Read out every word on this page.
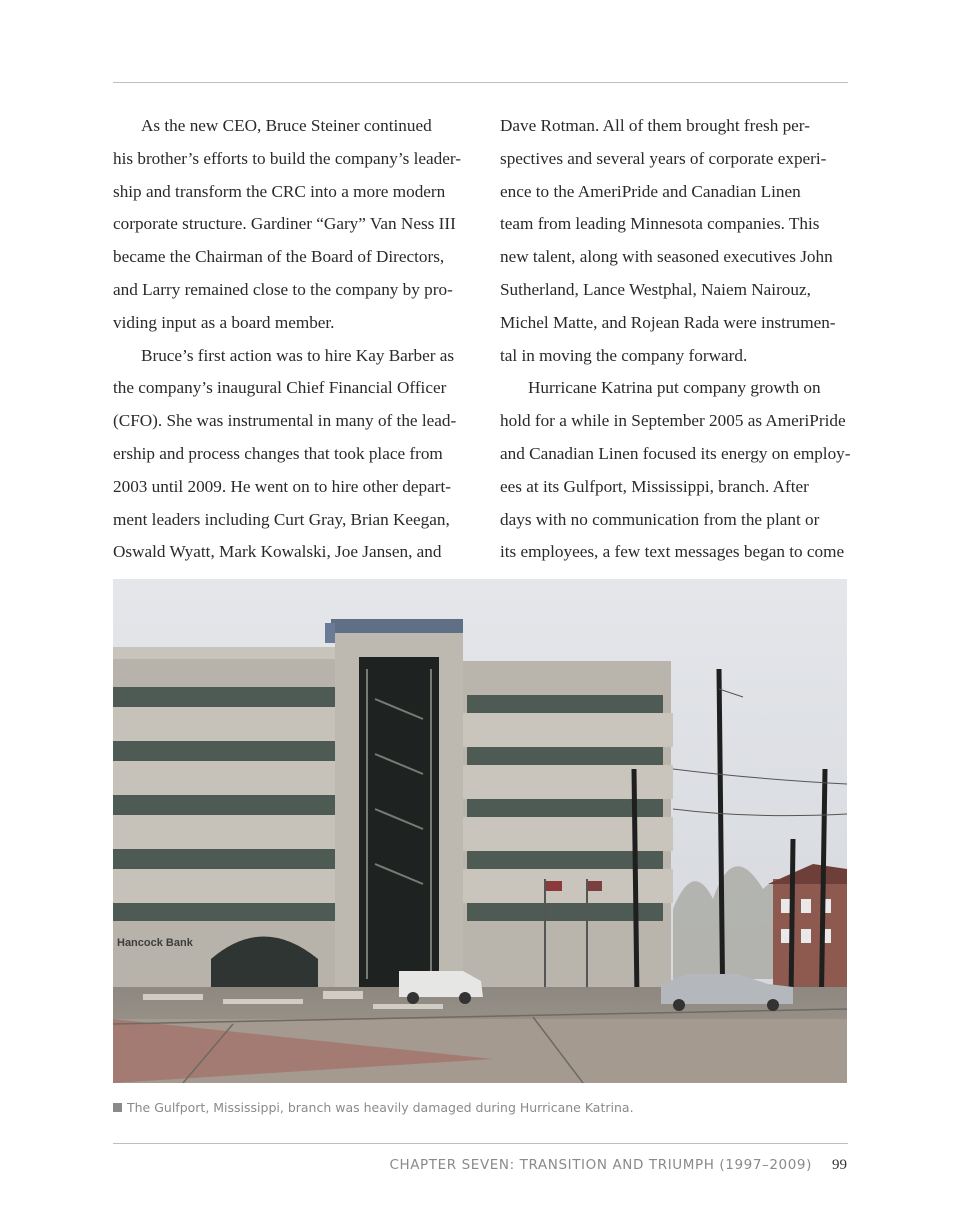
As the new CEO, Bruce Steiner continued
his brother’s efforts to build the company’s leader-
ship and transform the CRC into a more modern
corporate structure. Gardiner “Gary” Van Ness III
became the Chairman of the Board of Directors,
and Larry remained close to the company by pro-
viding input as a board member.
Bruce’s first action was to hire Kay Barber as
the company’s inaugural Chief Financial Officer
(CFO). She was instrumental in many of the lead-
ership and process changes that took place from
2003 until 2009. He went on to hire other depart-
ment leaders including Curt Gray, Brian Keegan,
Oswald Wyatt, Mark Kowalski, Joe Jansen, and
Dave Rotman. All of them brought fresh per-
spectives and several years of corporate experi-
ence to the AmeriPride and Canadian Linen
team from leading Minnesota companies. This
new talent, along with seasoned executives John
Sutherland, Lance Westphal, Naiem Nairouz,
Michel Matte, and Rojean Rada were instrumen-
tal in moving the company forward.
Hurricane Katrina put company growth on
hold for a while in September 2005 as AmeriPride
and Canadian Linen focused its energy on employ-
ees at its Gulfport, Mississippi, branch. After
days with no communication from the plant or
its employees, a few text messages began to come
Hancock Bank
The Gulfport, Mississippi, branch was heavily damaged during Hurricane Katrina.
CHAPTER SEVEN: TRANSITION AND TRIUMPH (1997–2009) 99
